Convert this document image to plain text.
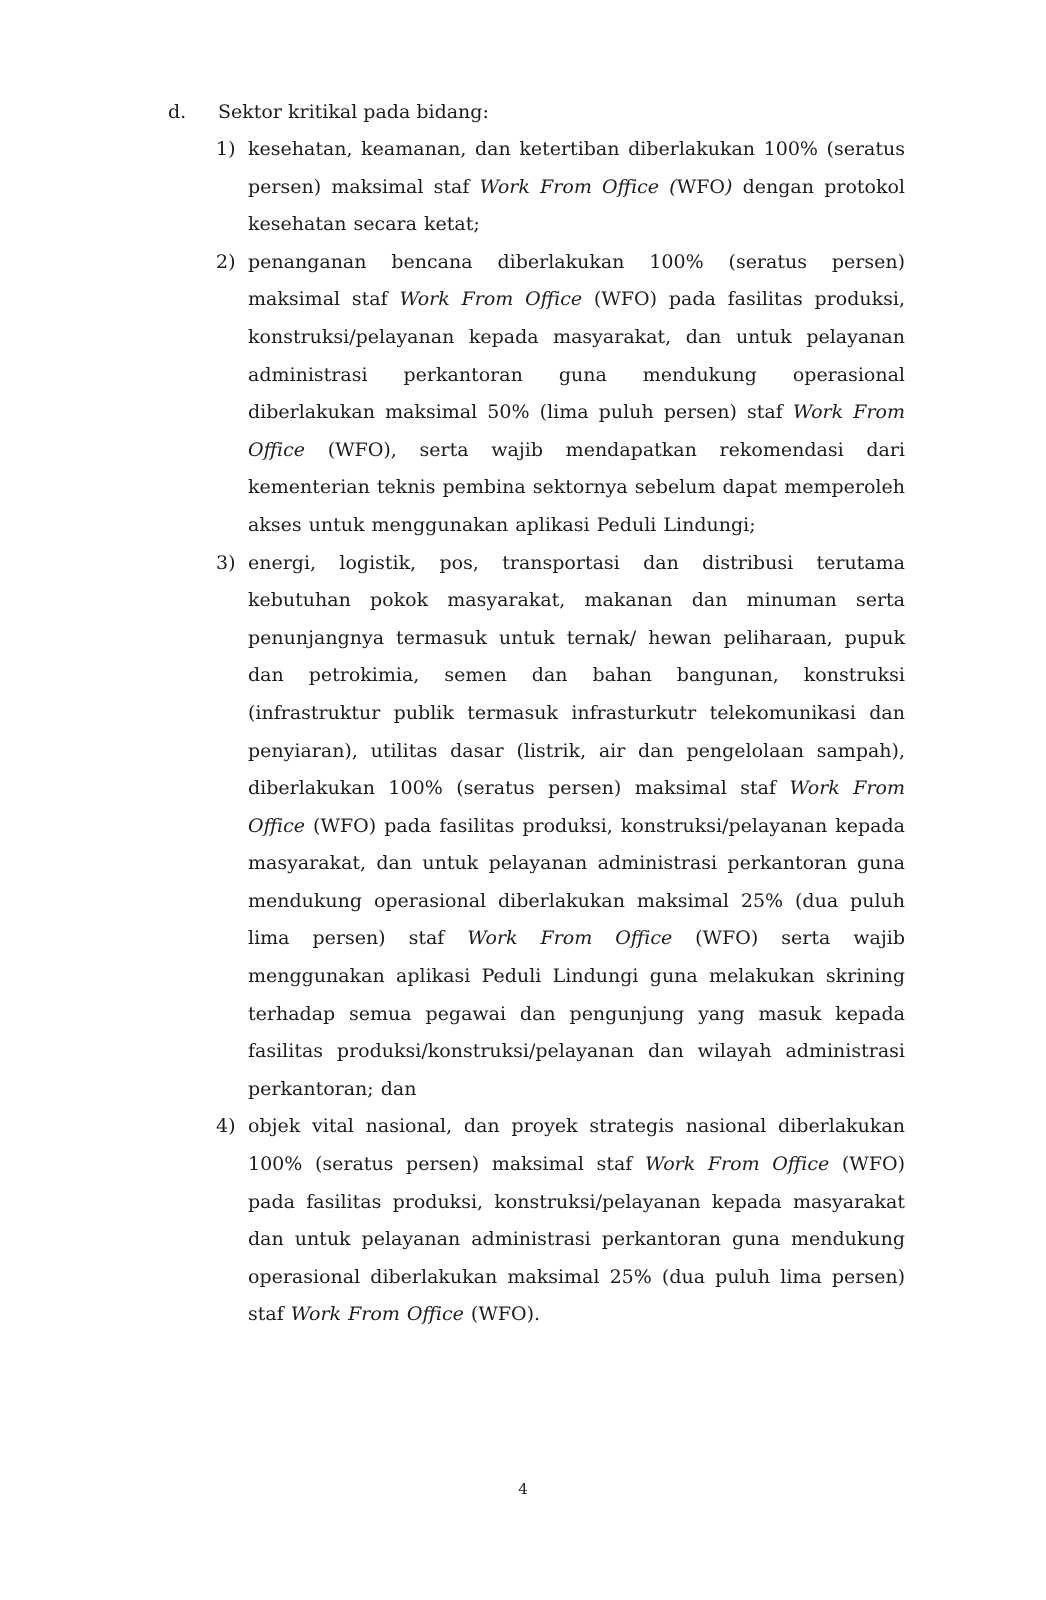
d.	Sektor kritikal pada bidang:
1) kesehatan, keamanan, dan ketertiban diberlakukan 100% (seratus persen) maksimal staf Work From Office (WFO) dengan protokol kesehatan secara ketat;
2) penanganan bencana diberlakukan 100% (seratus persen) maksimal staf Work From Office (WFO) pada fasilitas produksi, konstruksi/pelayanan kepada masyarakat, dan untuk pelayanan administrasi perkantoran guna mendukung operasional diberlakukan maksimal 50% (lima puluh persen) staf Work From Office (WFO), serta wajib mendapatkan rekomendasi dari kementerian teknis pembina sektornya sebelum dapat memperoleh akses untuk menggunakan aplikasi Peduli Lindungi;
3) energi, logistik, pos, transportasi dan distribusi terutama kebutuhan pokok masyarakat, makanan dan minuman serta penunjangnya termasuk untuk ternak/ hewan peliharaan, pupuk dan petrokimia, semen dan bahan bangunan, konstruksi (infrastruktur publik termasuk infrasturkutr telekomunikasi dan penyiaran), utilitas dasar (listrik, air dan pengelolaan sampah), diberlakukan 100% (seratus persen) maksimal staf Work From Office (WFO) pada fasilitas produksi, konstruksi/pelayanan kepada masyarakat, dan untuk pelayanan administrasi perkantoran guna mendukung operasional diberlakukan maksimal 25% (dua puluh lima persen) staf Work From Office (WFO) serta wajib menggunakan aplikasi Peduli Lindungi guna melakukan skrining terhadap semua pegawai dan pengunjung yang masuk kepada fasilitas produksi/konstruksi/pelayanan dan wilayah administrasi perkantoran; dan
4) objek vital nasional, dan proyek strategis nasional diberlakukan 100% (seratus persen) maksimal staf Work From Office (WFO) pada fasilitas produksi, konstruksi/pelayanan kepada masyarakat dan untuk pelayanan administrasi perkantoran guna mendukung operasional diberlakukan maksimal 25% (dua puluh lima persen) staf Work From Office (WFO).
4
